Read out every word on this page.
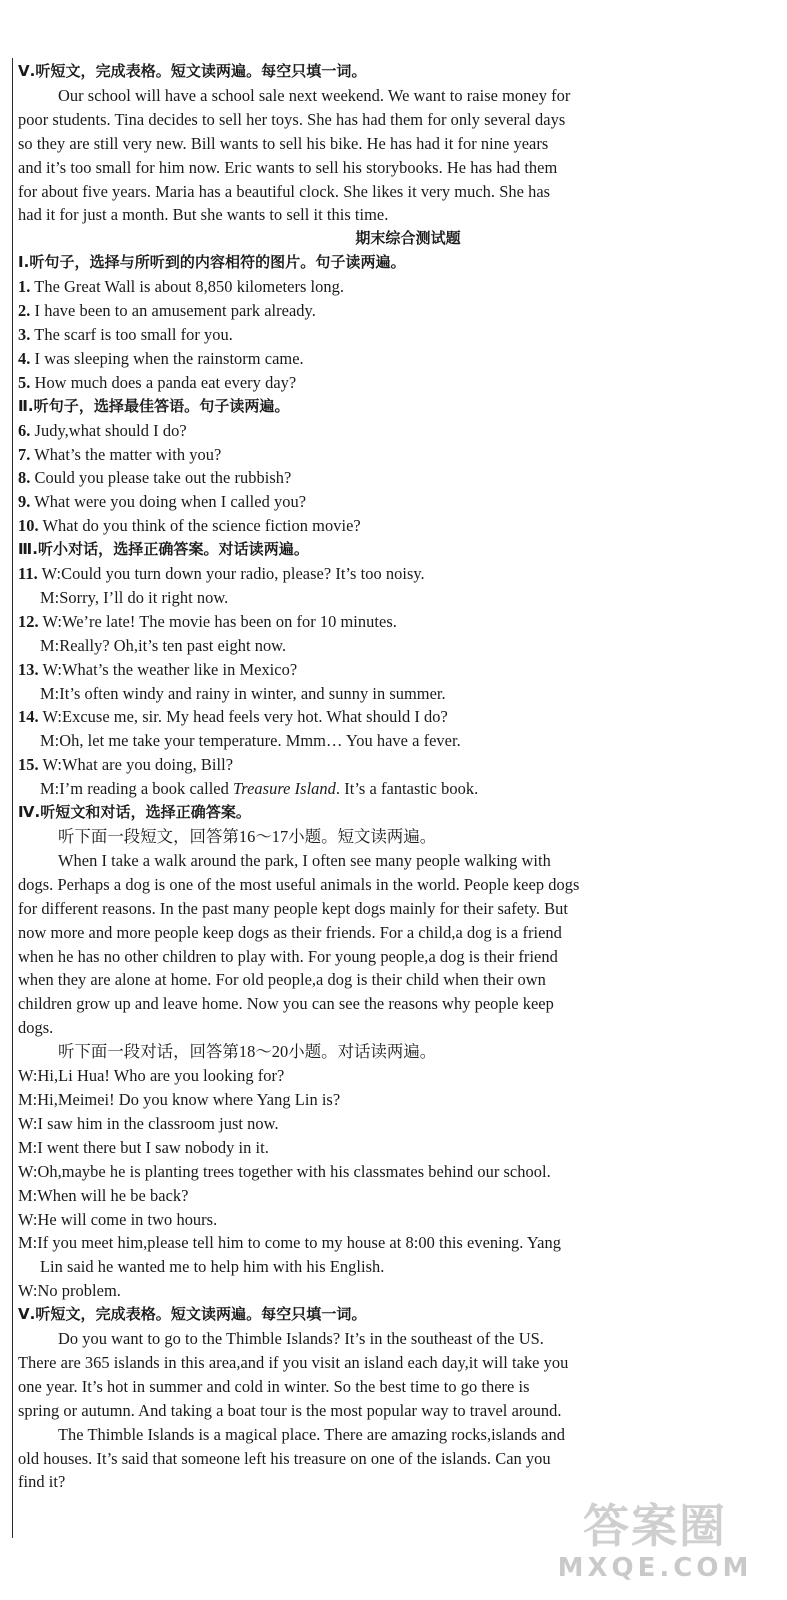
Ⅴ.听短文，完成表格。短文读两遍。每空只填一词。
Our school will have a school sale next weekend. We want to raise money for
poor students. Tina decides to sell her toys. She has had them for only several days
so they are still very new. Bill wants to sell his bike. He has had it for nine years
and it’s too small for him now. Eric wants to sell his storybooks. He has had them
for about five years. Maria has a beautiful clock. She likes it very much. She has
had it for just a month. But she wants to sell it this time.
期末综合测试题
Ⅰ.听句子，选择与所听到的内容相符的图片。句子读两遍。
1. The Great Wall is about 8,850 kilometers long.
2. I have been to an amusement park already.
3. The scarf is too small for you.
4. I was sleeping when the rainstorm came.
5. How much does a panda eat every day?
Ⅱ.听句子，选择最佳答语。句子读两遍。
6. Judy,what should I do?
7. What’s the matter with you?
8. Could you please take out the rubbish?
9. What were you doing when I called you?
10. What do you think of the science fiction movie?
Ⅲ.听小对话，选择正确答案。对话读两遍。
11. W:Could you turn down your radio, please? It’s too noisy.
M:Sorry, I’ll do it right now.
12. W:We’re late! The movie has been on for 10 minutes.
M:Really? Oh,it’s ten past eight now.
13. W:What’s the weather like in Mexico?
M:It’s often windy and rainy in winter, and sunny in summer.
14. W:Excuse me, sir. My head feels very hot. What should I do?
M:Oh, let me take your temperature. Mmm… You have a fever.
15. W:What are you doing, Bill?
M:I’m reading a book called Treasure Island. It’s a fantastic book.
Ⅳ.听短文和对话，选择正确答案。
听下面一段短文，回答第16～17小题。短文读两遍。
When I take a walk around the park, I often see many people walking with
dogs. Perhaps a dog is one of the most useful animals in the world. People keep dogs
for different reasons. In the past many people kept dogs mainly for their safety. But
now more and more people keep dogs as their friends. For a child,a dog is a friend
when he has no other children to play with. For young people,a dog is their friend
when they are alone at home. For old people,a dog is their child when their own
children grow up and leave home. Now you can see the reasons why people keep
dogs.
听下面一段对话，回答第18～20小题。对话读两遍。
W:Hi,Li Hua! Who are you looking for?
M:Hi,Meimei! Do you know where Yang Lin is?
W:I saw him in the classroom just now.
M:I went there but I saw nobody in it.
W:Oh,maybe he is planting trees together with his classmates behind our school.
M:When will he be back?
W:He will come in two hours.
M:If you meet him,please tell him to come to my house at 8:00 this evening. Yang
Lin said he wanted me to help him with his English.
W:No problem.
Ⅴ.听短文，完成表格。短文读两遍。每空只填一词。
Do you want to go to the Thimble Islands? It’s in the southeast of the US.
There are 365 islands in this area,and if you visit an island each day,it will take you
one year. It’s hot in summer and cold in winter. So the best time to go there is
spring or autumn. And taking a boat tour is the most popular way to travel around.
The Thimble Islands is a magical place. There are amazing rocks,islands and
old houses. It’s said that someone left his treasure on one of the islands. Can you
find it?
答案圈
MXQE.COM
